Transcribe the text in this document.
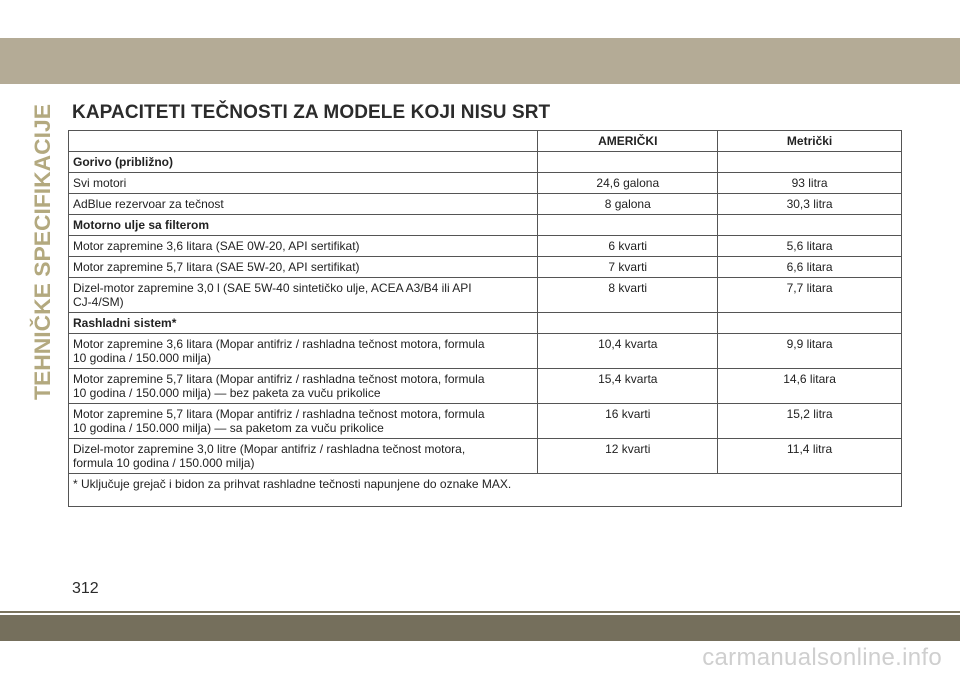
TEHNIČKE SPECIFIKACIJE
KAPACITETI TEČNOSTI ZA MODELE KOJI NISU SRT
	AMERIČKI	Metrički
Gorivo (približno)		
Svi motori	24,6 galona	93 litra
AdBlue rezervoar za tečnost	8 galona	30,3 litra
Motorno ulje sa filterom		
Motor zapremine 3,6 litara (SAE 0W-20, API sertifikat)	6 kvarti	5,6 litara
Motor zapremine 5,7 litara (SAE 5W-20, API sertifikat)	7 kvarti	6,6 litara
Dizel-motor zapremine 3,0 l (SAE 5W-40 sintetičko ulje, ACEA A3/B4 ili API
CJ-4/SM)	8 kvarti	7,7 litara
Rashladni sistem*		
Motor zapremine 3,6 litara (Mopar antifriz / rashladna tečnost motora, formula
10 godina / 150.000 milja)	10,4 kvarta	9,9 litara
Motor zapremine 5,7 litara (Mopar antifriz / rashladna tečnost motora, formula
10 godina / 150.000 milja) — bez paketa za vuču prikolice	15,4 kvarta	14,6 litara
Motor zapremine 5,7 litara (Mopar antifriz / rashladna tečnost motora, formula
10 godina / 150.000 milja) — sa paketom za vuču prikolice	16 kvarti	15,2 litra
Dizel-motor zapremine 3,0 litre (Mopar antifriz / rashladna tečnost motora,
formula 10 godina / 150.000 milja)	12 kvarti	11,4 litra
* Uključuje grejač i bidon za prihvat rashladne tečnosti napunjene do oznake MAX.		
312
carmanualsonline.info
